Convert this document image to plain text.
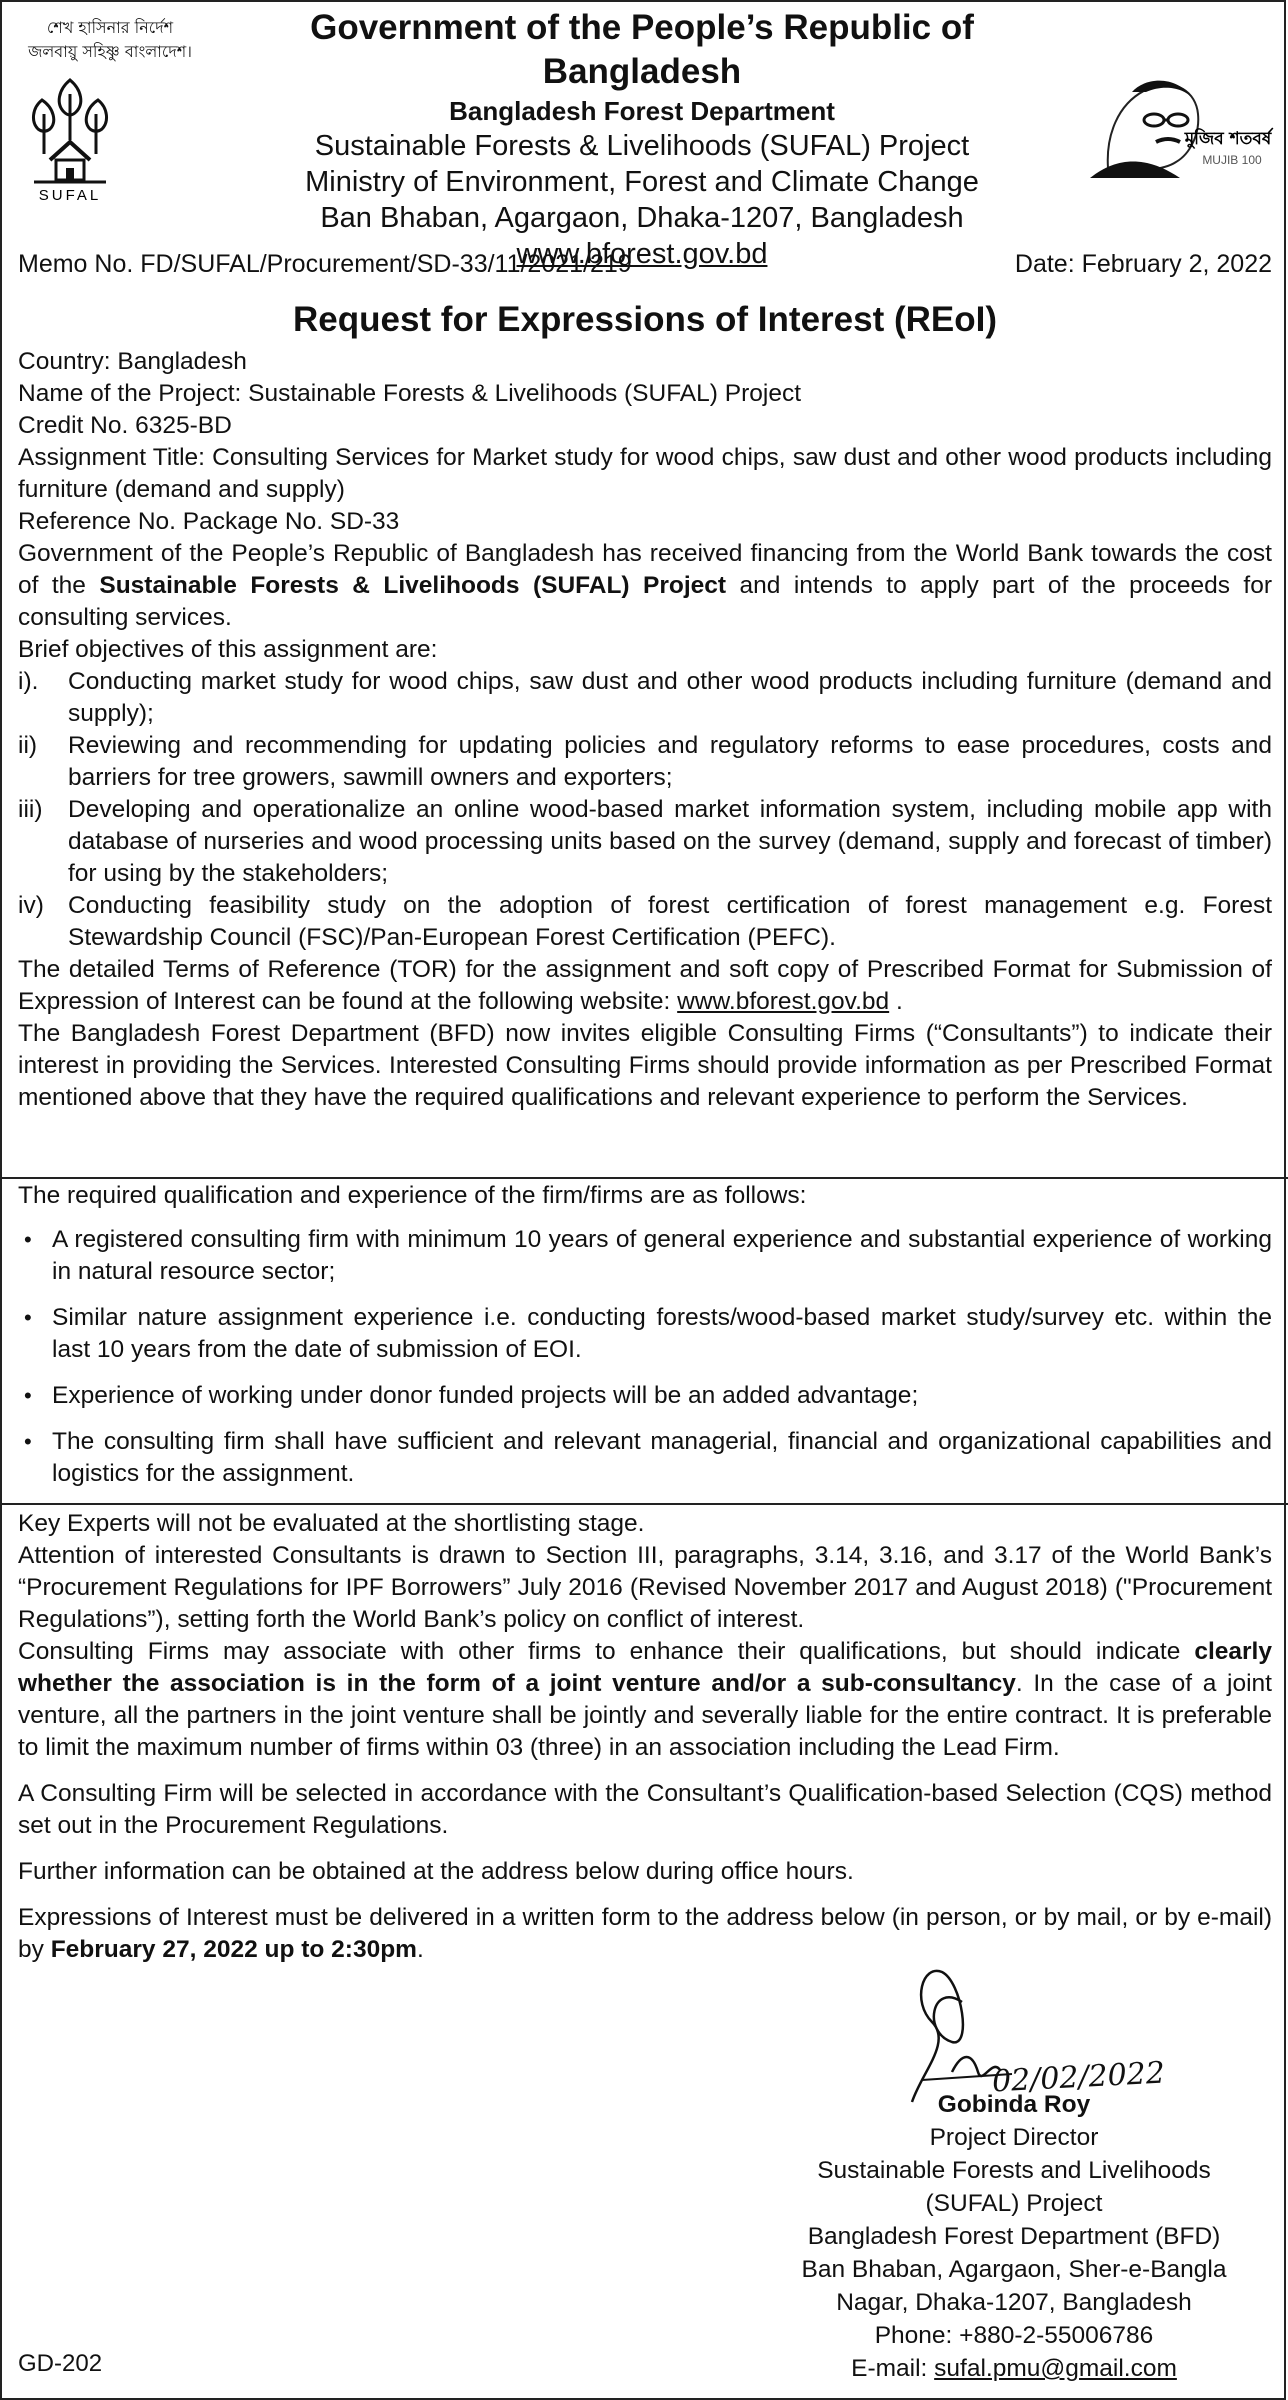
শেখ হাসিনার নির্দেশ
জলবায়ু সহিষ্ণু বাংলাদেশ।
SUFAL
Government of the People’s Republic of Bangladesh
Bangladesh Forest Department
Sustainable Forests & Livelihoods (SUFAL) Project
Ministry of Environment, Forest and Climate Change
Ban Bhaban, Agargaon, Dhaka-1207, Bangladesh
www.bforest.gov.bd
মুজিব শতবর্ষ
MUJIB 100
Memo No. FD/SUFAL/Procurement/SD-33/11/2021/219	Date: February 2, 2022
Request for Expressions of Interest (REoI)
Country: Bangladesh
Name of the Project: Sustainable Forests & Livelihoods (SUFAL) Project
Credit No. 6325-BD
Assignment Title: Consulting Services for Market study for wood chips, saw dust and other wood products including furniture (demand and supply)
Reference No. Package No. SD-33
Government of the People’s Republic of Bangladesh has received financing from the World Bank towards the cost of the Sustainable Forests & Livelihoods (SUFAL) Project and intends to apply part of the proceeds for consulting services.
Brief objectives of this assignment are:
i).	Conducting market study for wood chips, saw dust and other wood products including furniture (demand and supply);
ii)	Reviewing and recommending for updating policies and regulatory reforms to ease procedures, costs and barriers for tree growers, sawmill owners and exporters;
iii)	Developing and operationalize an online wood-based market information system, including mobile app with database of nurseries and wood processing units based on the survey (demand, supply and forecast of timber) for using by the stakeholders;
iv) Conducting feasibility study on the adoption of forest certification of forest management e.g. Forest Stewardship Council (FSC)/Pan-European Forest Certification (PEFC).
The detailed Terms of Reference (TOR) for the assignment and soft copy of Prescribed Format for Submission of Expression of Interest can be found at the following website: www.bforest.gov.bd .
The Bangladesh Forest Department (BFD) now invites eligible Consulting Firms (“Consultants”) to indicate their interest in providing the Services. Interested Consulting Firms should provide information as per Prescribed Format mentioned above that they have the required qualifications and relevant experience to perform the Services.
The required qualification and experience of the firm/firms are as follows:
• A registered consulting firm with minimum 10 years of general experience and substantial experience of working in natural resource sector;
• Similar nature assignment experience i.e. conducting forests/wood-based market study/survey etc. within the last 10 years from the date of submission of EOI.
• Experience of working under donor funded projects will be an added advantage;
• The consulting firm shall have sufficient and relevant managerial, financial and organizational capabilities and logistics for the assignment.
Key Experts will not be evaluated at the shortlisting stage.
Attention of interested Consultants is drawn to Section III, paragraphs, 3.14, 3.16, and 3.17 of the World Bank’s “Procurement Regulations for IPF Borrowers” July 2016 (Revised November 2017 and August 2018) ("Procurement Regulations”), setting forth the World Bank’s policy on conflict of interest.
Consulting Firms may associate with other firms to enhance their qualifications, but should indicate clearly whether the association is in the form of a joint venture and/or a sub-consultancy. In the case of a joint venture, all the partners in the joint venture shall be jointly and severally liable for the entire contract. It is preferable to limit the maximum number of firms within 03 (three) in an association including the Lead Firm.
A Consulting Firm will be selected in accordance with the Consultant’s Qualification-based Selection (CQS) method set out in the Procurement Regulations.
Further information can be obtained at the address below during office hours.
Expressions of Interest must be delivered in a written form to the address below (in person, or by mail, or by e-mail) by February 27, 2022 up to 2:30pm.
02/02/2022
Gobinda Roy
Project Director
Sustainable Forests and Livelihoods
(SUFAL) Project
Bangladesh Forest Department (BFD)
Ban Bhaban, Agargaon, Sher-e-Bangla
Nagar, Dhaka-1207, Bangladesh
Phone: +880-2-55006786
E-mail: sufal.pmu@gmail.com
GD-202
